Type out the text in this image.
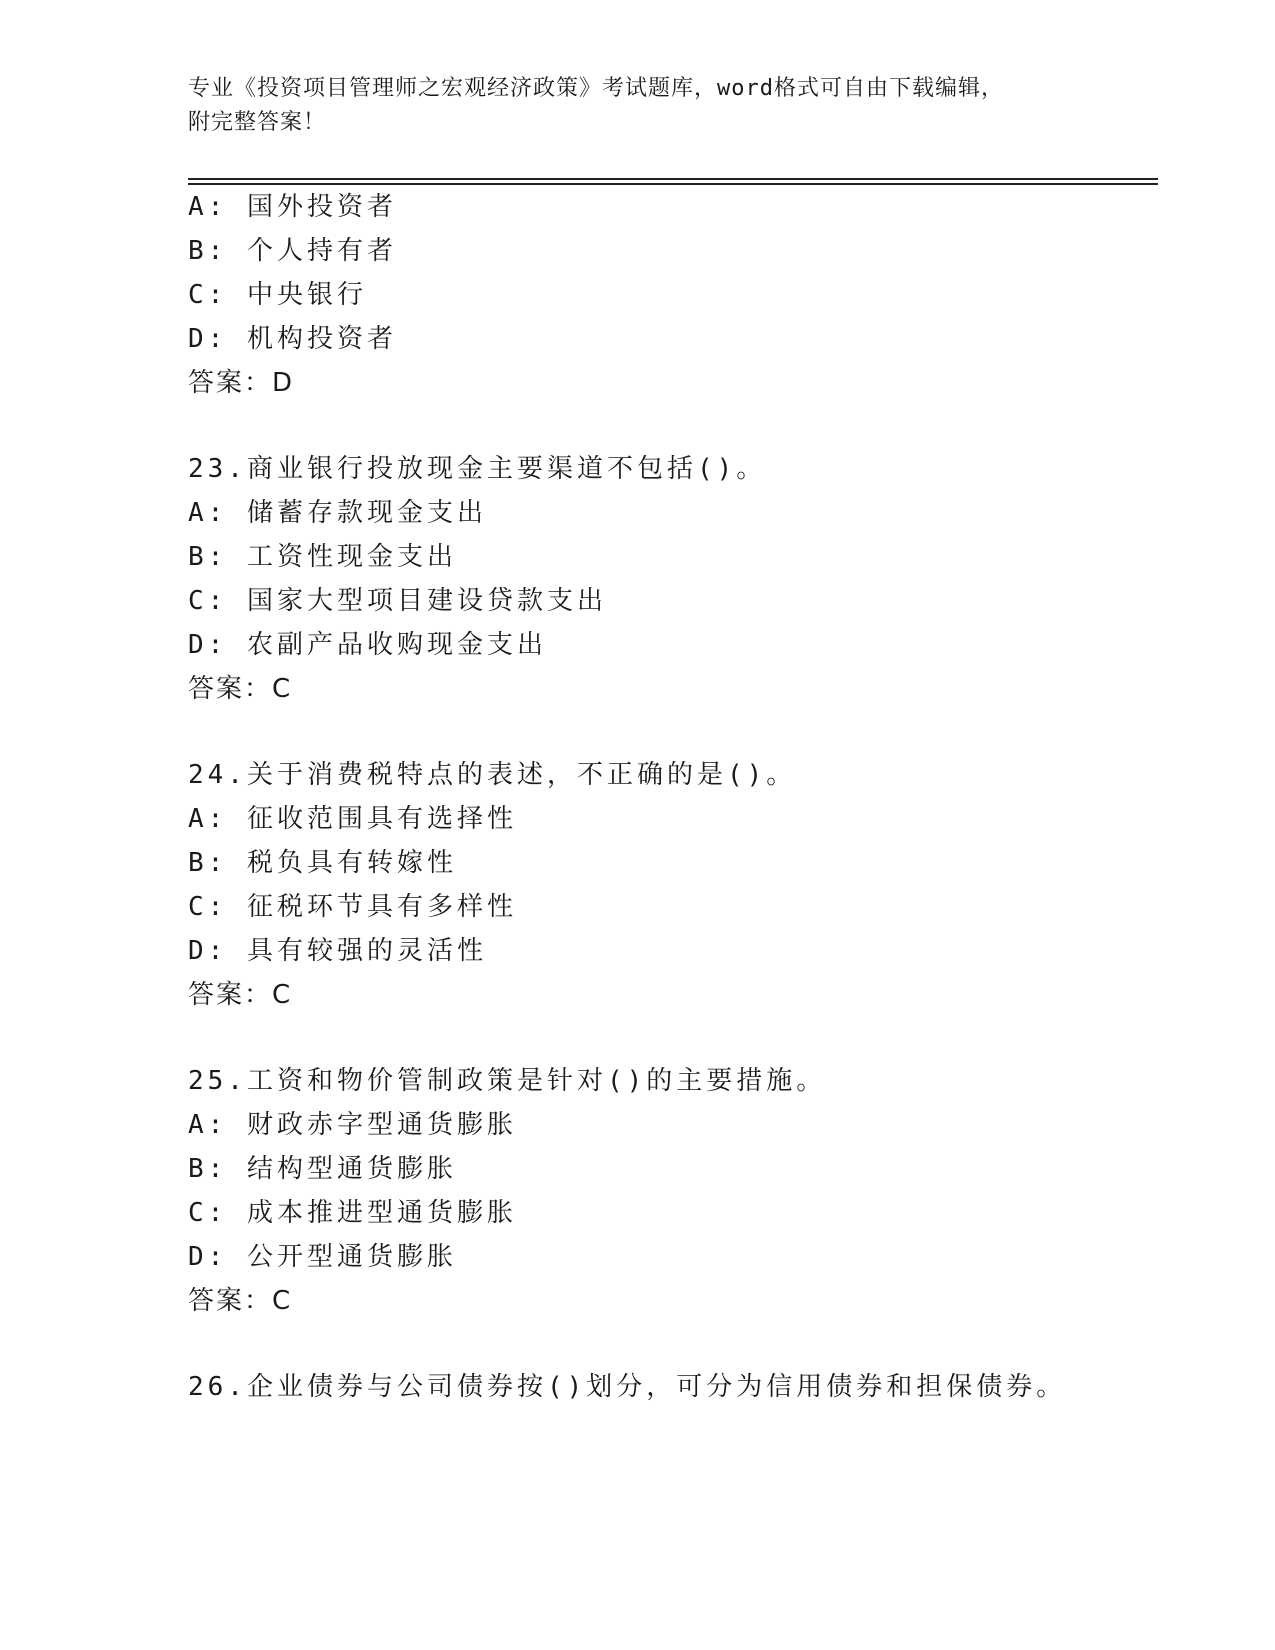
专业《投资项目管理师之宏观经济政策》考试题库，word格式可自由下载编辑，
附完整答案！
A: 国外投资者
B: 个人持有者
C: 中央银行
D: 机构投资者
答案：D
23.商业银行投放现金主要渠道不包括()。
A: 储蓄存款现金支出
B: 工资性现金支出
C: 国家大型项目建设贷款支出
D: 农副产品收购现金支出
答案：C
24.关于消费税特点的表述，不正确的是()。
A: 征收范围具有选择性
B: 税负具有转嫁性
C: 征税环节具有多样性
D: 具有较强的灵活性
答案：C
25.工资和物价管制政策是针对()的主要措施。
A: 财政赤字型通货膨胀
B: 结构型通货膨胀
C: 成本推进型通货膨胀
D: 公开型通货膨胀
答案：C
26.企业债券与公司债券按()划分，可分为信用债券和担保债券。
